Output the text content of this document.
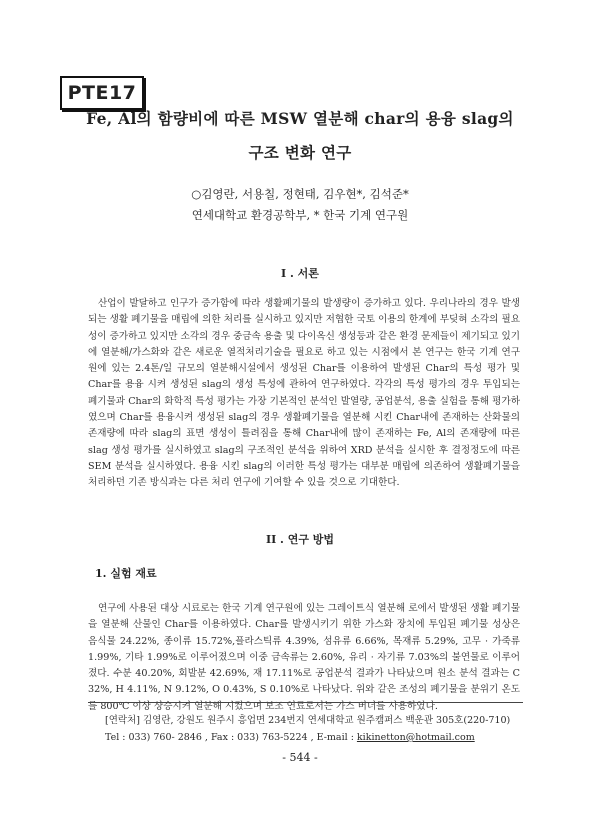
PTE17
Fe, Al의 함량비에 따른 MSW 열분해 char의 용융 slag의
구조 변화 연구
○김영란, 서용칠, 정현태, 김우현*, 김석준*
연세대학교 환경공학부, * 한국 기계 연구원
I . 서론

산업이 발달하고 인구가 증가함에 따라 생활폐기물의 발생량이 증가하고 있다. 우리나라의 경우 발생되는 생활 폐기물을 매립에 의한 처리를 실시하고 있지만 저협한 국토 이용의 한계에 부딪혀 소각의 필요성이 증가하고 있지만 소각의 경우 중금속 용출 및 다이옥신 생성등과 같은 환경 문제들이 제기되고 있기에 열분해/가스화와 같은 새로운 열적처리기술을 필요로 하고 있는 시점에서 본 연구는 한국 기계 연구원에 있는 2.4톤/일 규모의 열분해시설에서 생성된 Char를 이용하여 발생된 Char의 특성 평가 및 Char를 용융 시켜 생성된 slag의 생성 특성에 관하여 연구하였다. 각각의 특성 평가의 경우 투입되는 폐기물과 Char의 화학적 특성 평가는 가장 기본적인 분석인 발열량, 공업분석, 용출 실험을 통해 평가하였으며 Char를 용융시켜 생성된 slag의 경우 생활폐기물을 열분해 시킨 Char내에 존재하는 산화물의 존재량에 따라 slag의 표면 생성이 틀려짐을 통해 Char내에 많이 존재하는 Fe, Al의 존재량에 따른 slag 생성 평가를 실시하였고 slag의 구조적인 분석을 위하여 XRD 분석을 실시한 후 결정정도에 따른 SEM 분석을 실시하였다. 용융 시킨 slag의 이러한 특성 평가는 대부분 매립에 의존하여 생활폐기물을 처리하던 기존 방식과는 다른 처리 연구에 기여할 수 있을 것으로 기대한다.

II . 연구 방법
1. 실험 재료

연구에 사용된 대상 시료로는 한국 기계 연구원에 있는 그레이트식 열분해 로에서 발생된 생활 폐기물을 열분해 산물인 Char를 이용하였다. Char를 발생시키기 위한 가스화 장치에 투입된 폐기물 성상은 음식물 24.22%, 종이류 15.72%,플라스틱류 4.39%, 섬유류 6.66%, 목재류 5.29%, 고무 · 가죽류1.99%, 기타 1.99%로 이루어졌으며 이중 금속류는 2.60%, 유리 · 자기류 7.03%의 불연물로 이루어졌다. 수분 40.20%, 회발분 42.69%, 재 17.11%로 공업분석 결과가 나타났으며 원소 분석 결과는 C 32%, H 4.11%, N 9.12%, O 0.43%, S 0.10%로 나타났다. 위와 같은 조성의 폐기물을 분위기 온도를 800℃ 이상 상승시켜 열분해 시켰으며 보조 연료로서는 가스 버너를 사용하였다.

[연락처] 김영란, 강원도 원주시 흥업면 234번지 연세대학교 원주캠퍼스 백운관 305호(220-710)
Tel : 033) 760- 2846 , Fax : 033) 763-5224 , E-mail : kikinetton@hotmail.com
- 544 -
